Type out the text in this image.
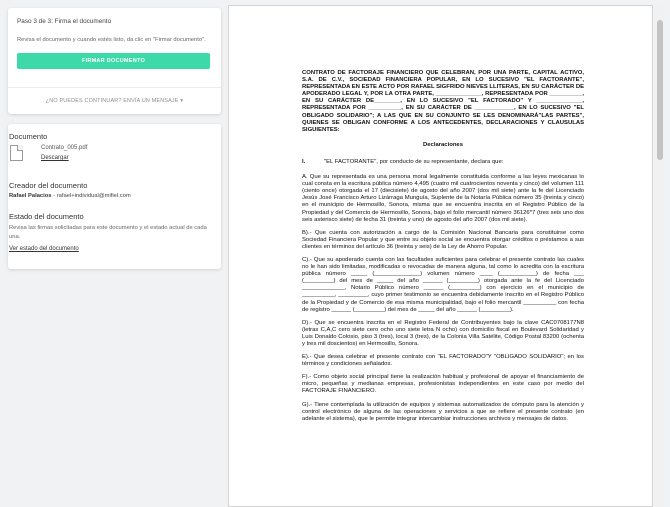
Paso 3 de 3: Firma el documento
Revisa el documento y cuando estés listo, da clic en "Firmar documento".
FIRMAR DOCUMENTO
¿NO PUEDES CONTINUAR? ENVÍA UN MENSAJE ▾
Documento
Contrato_005.pdf
Descargar
Creador del documento
Rafael Palacios - rafael+individual@mifiel.com
Estado del documento
Revisa las firmas solicitadas para este documento y el estado actual de cada una.
Ver estado del documento

CONTRATO DE FACTORAJE FINANCIERO QUE CELEBRAN, POR UNA PARTE, CAPITAL ACTIVO, S.A. DE C.V., SOCIEDAD FINANCIERA POPULAR, EN LO SUCESIVO "EL FACTORANTE", REPRESENTADA EN ESTE ACTO POR RAFAEL SIGFRIDO NIEVES LLITERAS, EN SU CARÁCTER DE APODERADO LEGAL Y, POR LA OTRA PARTE, ______________, REPRESENTADA POR __________, EN SU CARÁCTER DE________, EN LO SUCESIVO "EL FACTORADO" Y ______________, REPRESENTADA POR __________, EN SU CARÁCTER DE ____________, EN LO SUCESIVO "EL OBLIGADO SOLIDARIO"; A LAS QUE EN SU CONJUNTO SE LES DENOMINARÁ"LAS PARTES", QUIENES SE OBLIGAN CONFORME A LOS ANTECEDENTES, DECLARACIONES Y CLAUSULAS SIGUIENTES:

Declaraciones
I.	"EL FACTORANTE", por conducto de su representante, declara que:

A. Que su representada es una persona moral legalmente constituida conforme a las leyes mexicanas lo cual consta en la escritura pública número 4,495 (cuatro mil cuatrocientos noventa y cinco) del volumen 111 (ciento once) otorgada el 17 (diecisiete) de agosto del año 2007 (dos mil siete) ante la fe del Licenciado Jesús José Francisco Arturo Lizárraga Munguía, Suplente de la Notaría Pública número 35 (treinta y cinco) en el municipio de Hermosillo, Sonora, misma que se encuentra inscrita en el Registro Público de la Propiedad y del Comercio de Hermosillo, Sonora, bajo el folio mercantil número 36126*7 (tres seis uno dos seis asterisco siete) de fecha 31 (treinta y uno) de agosto del año 2007 (dos mil siete).

B).- Que cuenta con autorización a cargo de la Comisión Nacional Bancaria para constituirse como Sociedad Financiera Popular y que entre su objeto social se encuentra otorgar créditos o préstamos a sus clientes en términos del artículo 36 (treinta y seis) de la Ley de Ahorro Popular.

C).- Que su apoderado cuenta con las facultades suficientes para celebrar el presente contrato las cuales no le han sido limitadas, modificadas o revocadas de manera alguna, tal como lo acredita con la escritura pública número _____ (______________) volumen número ____ (___________) de fecha ___ (_________) del mes de _____ del año ______ (_________) otorgada ante la fe del Licenciado _____________, Notario Público número ______ (_________) con ejercicio en el municipio de __________, _________, cuyo primer testimonio se encuentra debidamente inscrito en el Registro Público de la Propiedad y de Comercio de esa misma municipalidad, bajo el folio mercantil __________ con fecha de registro ______ (_________) del mes de _____ del año ______ (_________).

D).- Que se encuentra inscrita en el Registro Federal de Contribuyentes bajo la clave CAC0708177N8 (letras C,A,C cero siete cero ocho uno siete letra N ocho) con domicilio fiscal en Boulevard Solidaridad y Luis Donaldo Colosio, piso 3 (tres), local 3 (tres), de la Colonia Villa Satélite, Código Postal 83200 (ochenta y tres mil doscientos) en Hermosillo, Sonora.

E).- Que desea celebrar el presente contrato con "EL FACTORADO"Y "OBLIGADO SOLIDARIO"; en los términos y condiciones señalados.

F).- Como objeto social principal tiene la realización habitual y profesional de apoyar el financiamiento de micro, pequeñas y medianas empresas, profesionistas independientes en este caso por medio del FACTORAJE FINANCIERO.

G).- Tiene contemplada la utilización de equipos y sistemas automatizados de cómputo para la atención y control electrónico de alguna de las operaciones y servicios a que se refiere el presente contrato (en adelante el sistema), que le permite integrar intercambiar instrucciones archivos y mensajes de datos.
